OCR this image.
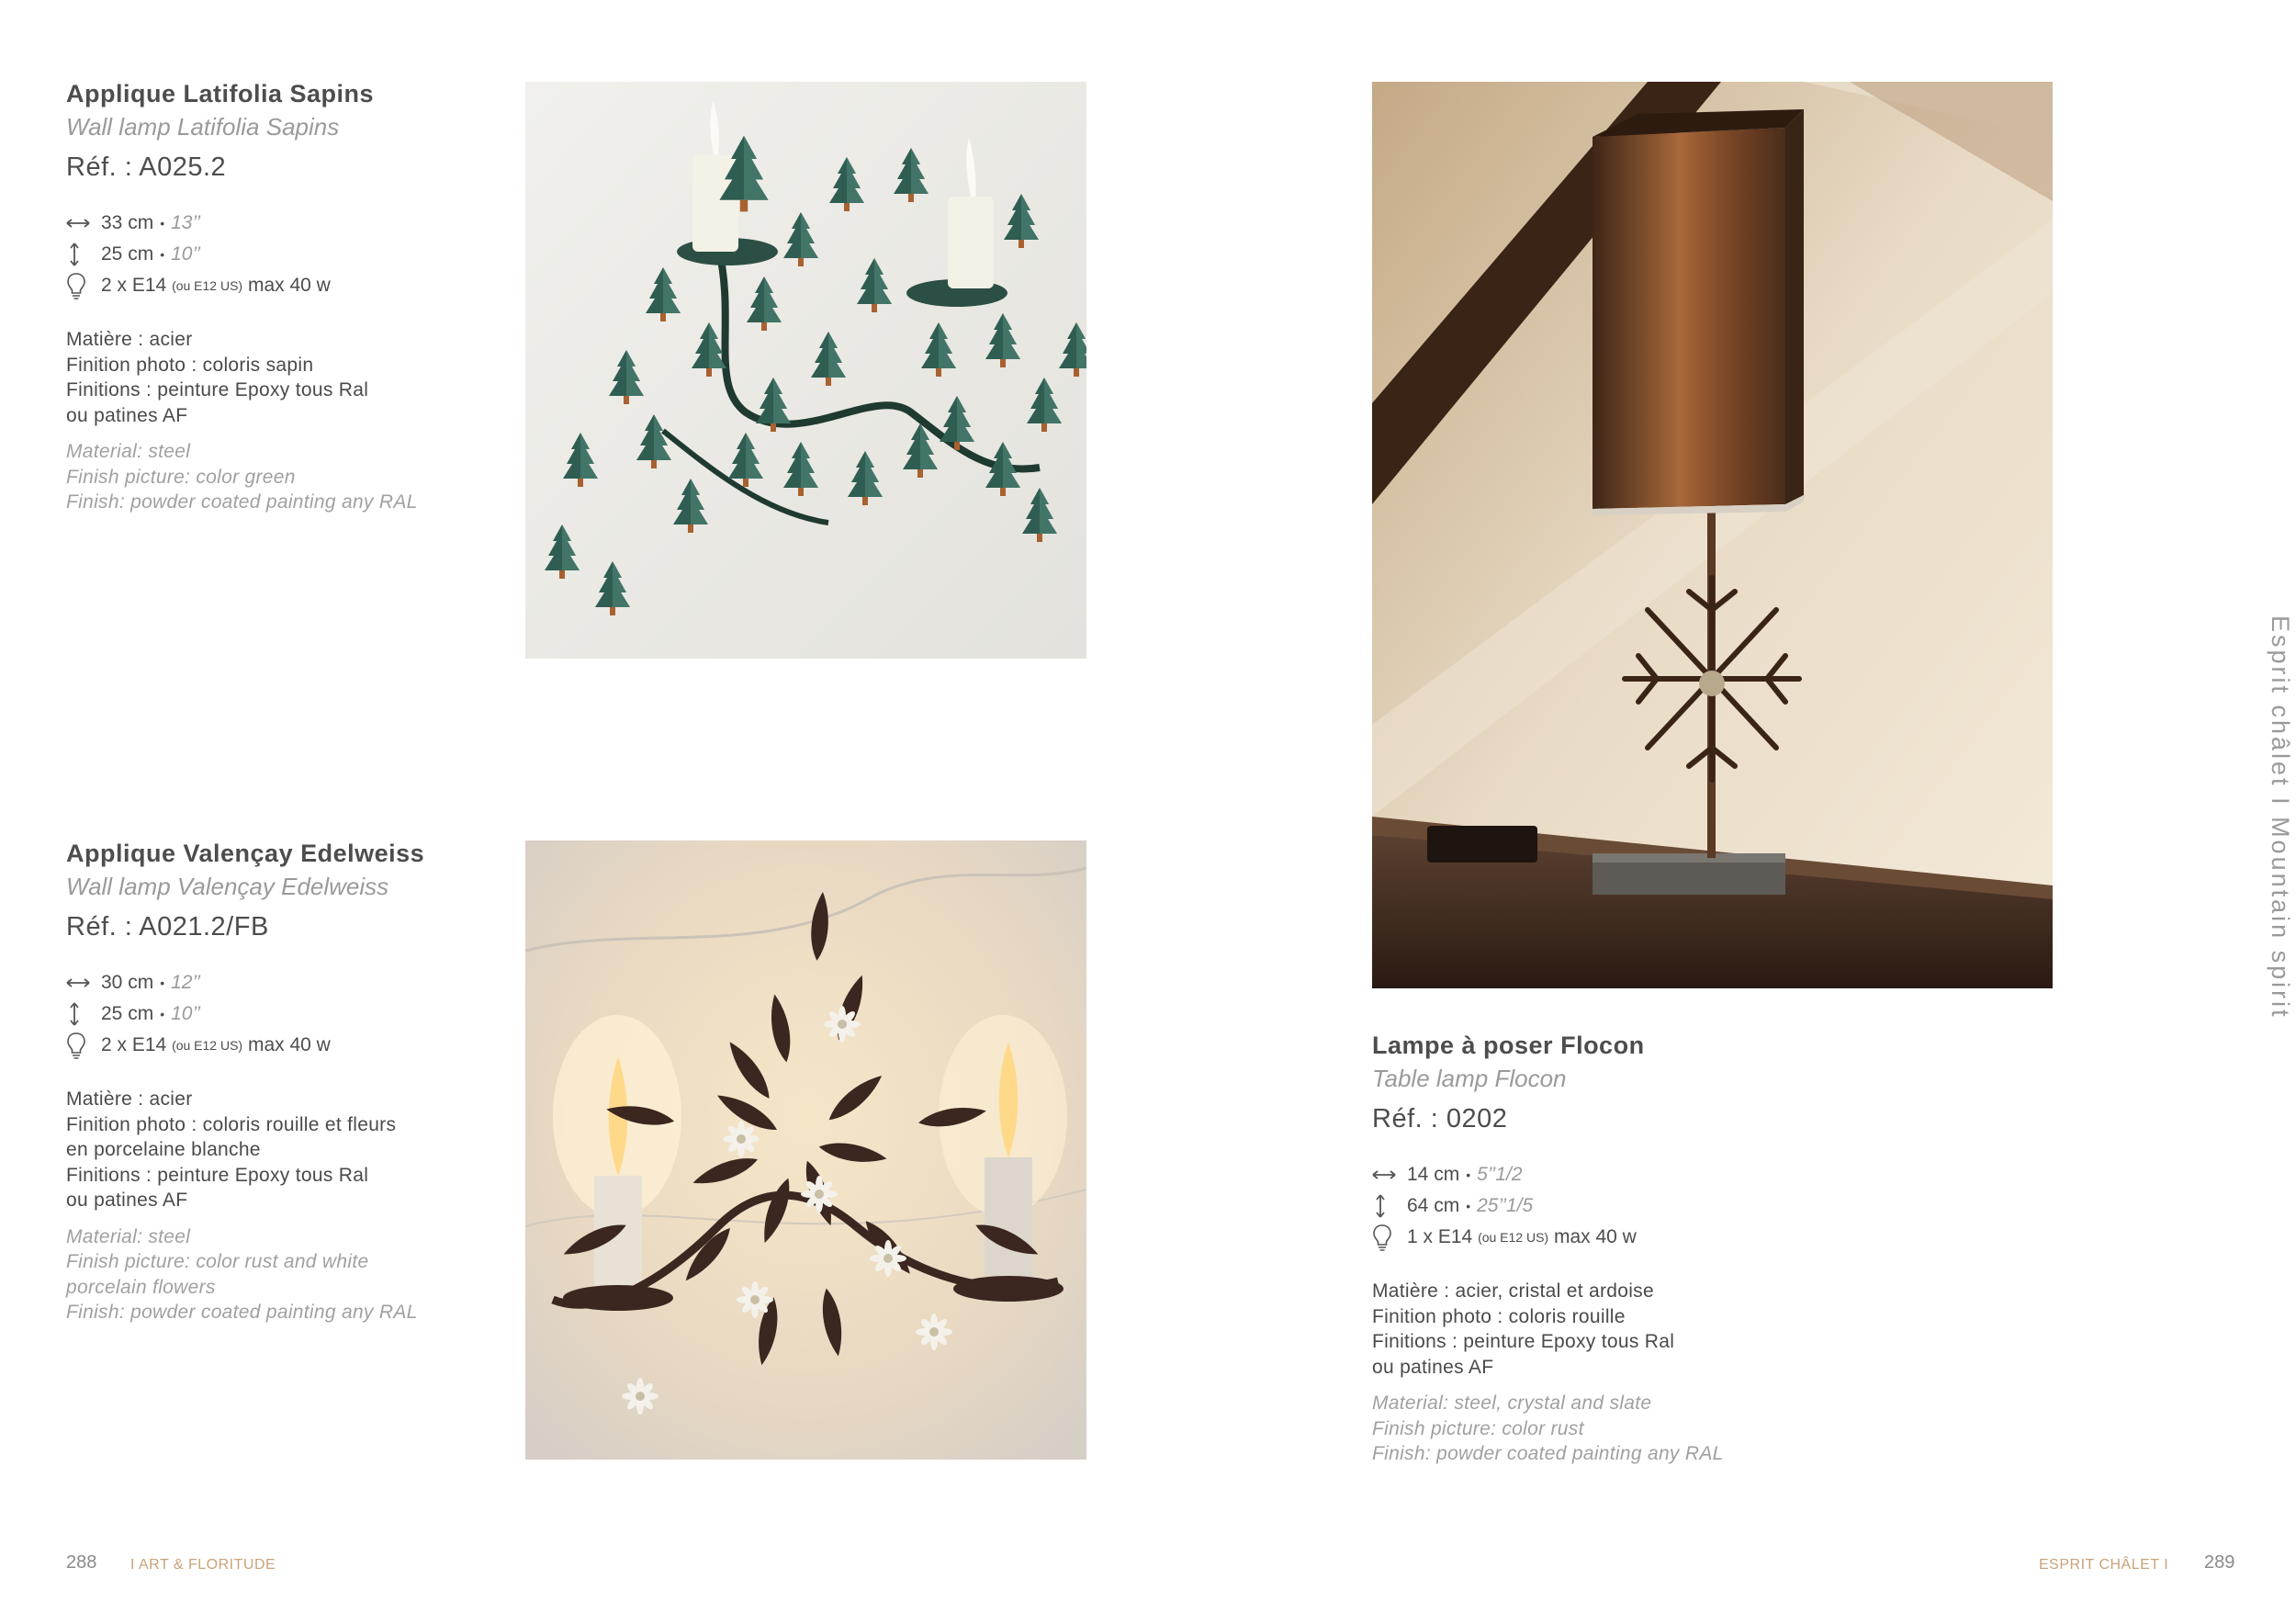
Applique Latifolia Sapins

Wall lamp Latifolia Sapins

Réf. : A025.2

33 cm • 13’’
25 cm • 10’’
2 x E14
(ou E12 US)
max 40 w
Matière : acier
Finition photo : coloris sapin
Finitions : peinture Epoxy tous Ral
ou patines AF
Material: steel
Finish picture: color green
Finish: powder coated painting any RAL

Applique Valençay Edelweiss

Wall lamp Valençay Edelweiss

Réf. : A021.2/FB

30 cm • 12’’
25 cm • 10’’
2 x E14
(ou E12 US)
max 40 w
Matière : acier
Finition photo : coloris rouille et fleurs
en porcelaine blanche
Finitions : peinture Epoxy tous Ral
ou patines AF
Material: steel
Finish picture: color rust and white
porcelain flowers
Finish: powder coated painting any RAL

Lampe à poser Flocon

Table lamp Flocon

Réf. : 0202

14 cm • 5’’1/2
64 cm • 25’’1/5
1 x E14
(ou E12 US)
max 40 w
Matière : acier, cristal et ardoise
Finition photo : coloris rouille
Finitions : peinture Epoxy tous Ral
ou patines AF
Material: steel, crystal and slate
Finish picture: color rust
Finish: powder coated painting any RAL
Esprit châlet I Mountain spirit
288 I ART & FLORITUDE	ESPRIT CHÂLET I 289
